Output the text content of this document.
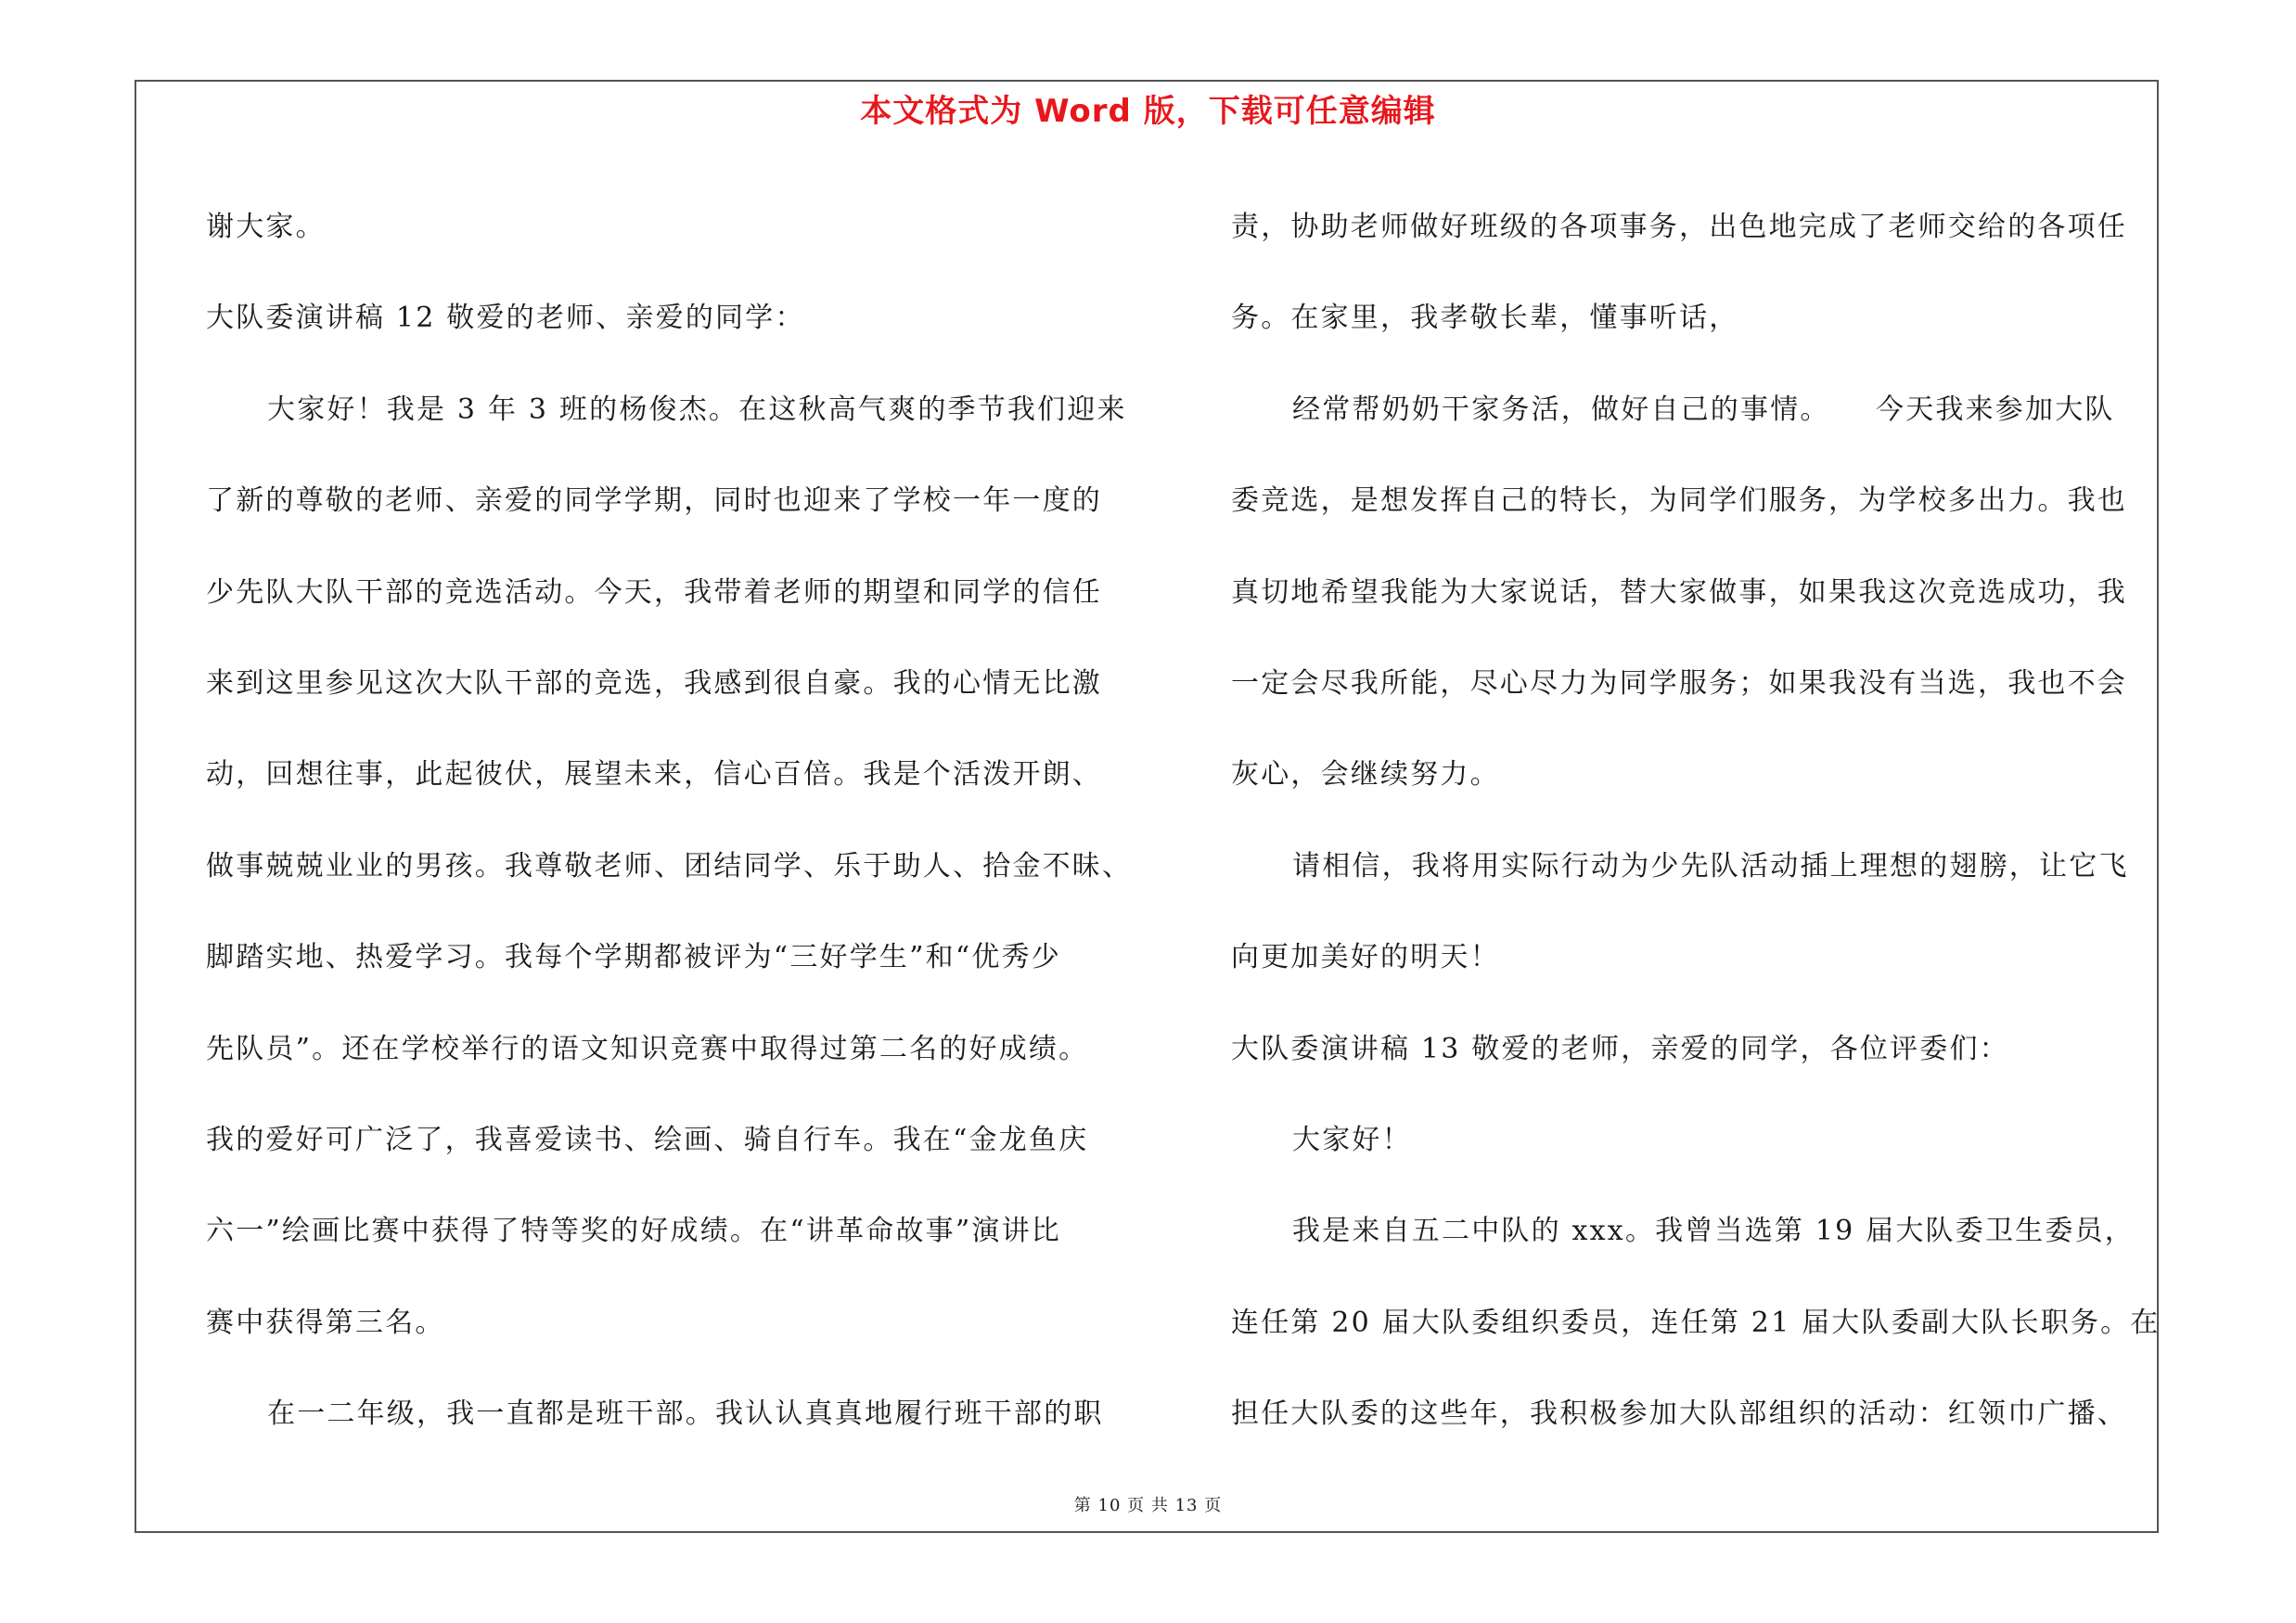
本文格式为 Word 版，下载可任意编辑
谢大家。
大队委演讲稿 12 敬爱的老师、亲爱的同学：
大家好！我是 3 年 3 班的杨俊杰。在这秋高气爽的季节我们迎来
了新的尊敬的老师、亲爱的同学学期，同时也迎来了学校一年一度的
少先队大队干部的竞选活动。今天，我带着老师的期望和同学的信任
来到这里参见这次大队干部的竞选，我感到很自豪。我的心情无比激
动，回想往事，此起彼伏，展望未来，信心百倍。我是个活泼开朗、
做事兢兢业业的男孩。我尊敬老师、团结同学、乐于助人、拾金不昧、
脚踏实地、热爱学习。我每个学期都被评为“三好学生”和“优秀少
先队员”。还在学校举行的语文知识竞赛中取得过第二名的好成绩。
我的爱好可广泛了，我喜爱读书、绘画、骑自行车。我在“金龙鱼庆
六一”绘画比赛中获得了特等奖的好成绩。在“讲革命故事”演讲比
赛中获得第三名。
在一二年级，我一直都是班干部。我认认真真地履行班干部的职
责，协助老师做好班级的各项事务，出色地完成了老师交给的各项任
务。在家里，我孝敬长辈，懂事听话，
经常帮奶奶干家务活，做好自己的事情。　　今天我来参加大队
委竞选，是想发挥自己的特长，为同学们服务，为学校多出力。我也
真切地希望我能为大家说话，替大家做事，如果我这次竞选成功，我
一定会尽我所能，尽心尽力为同学服务；如果我没有当选，我也不会
灰心，会继续努力。
请相信，我将用实际行动为少先队活动插上理想的翅膀，让它飞
向更加美好的明天！
大队委演讲稿 13 敬爱的老师，亲爱的同学，各位评委们：
大家好！
我是来自五二中队的 xxx。我曾当选第 19 届大队委卫生委员，
连任第 20 届大队委组织委员，连任第 21 届大队委副大队长职务。在
担任大队委的这些年，我积极参加大队部组织的活动：红领巾广播、
第 10 页 共 13 页
